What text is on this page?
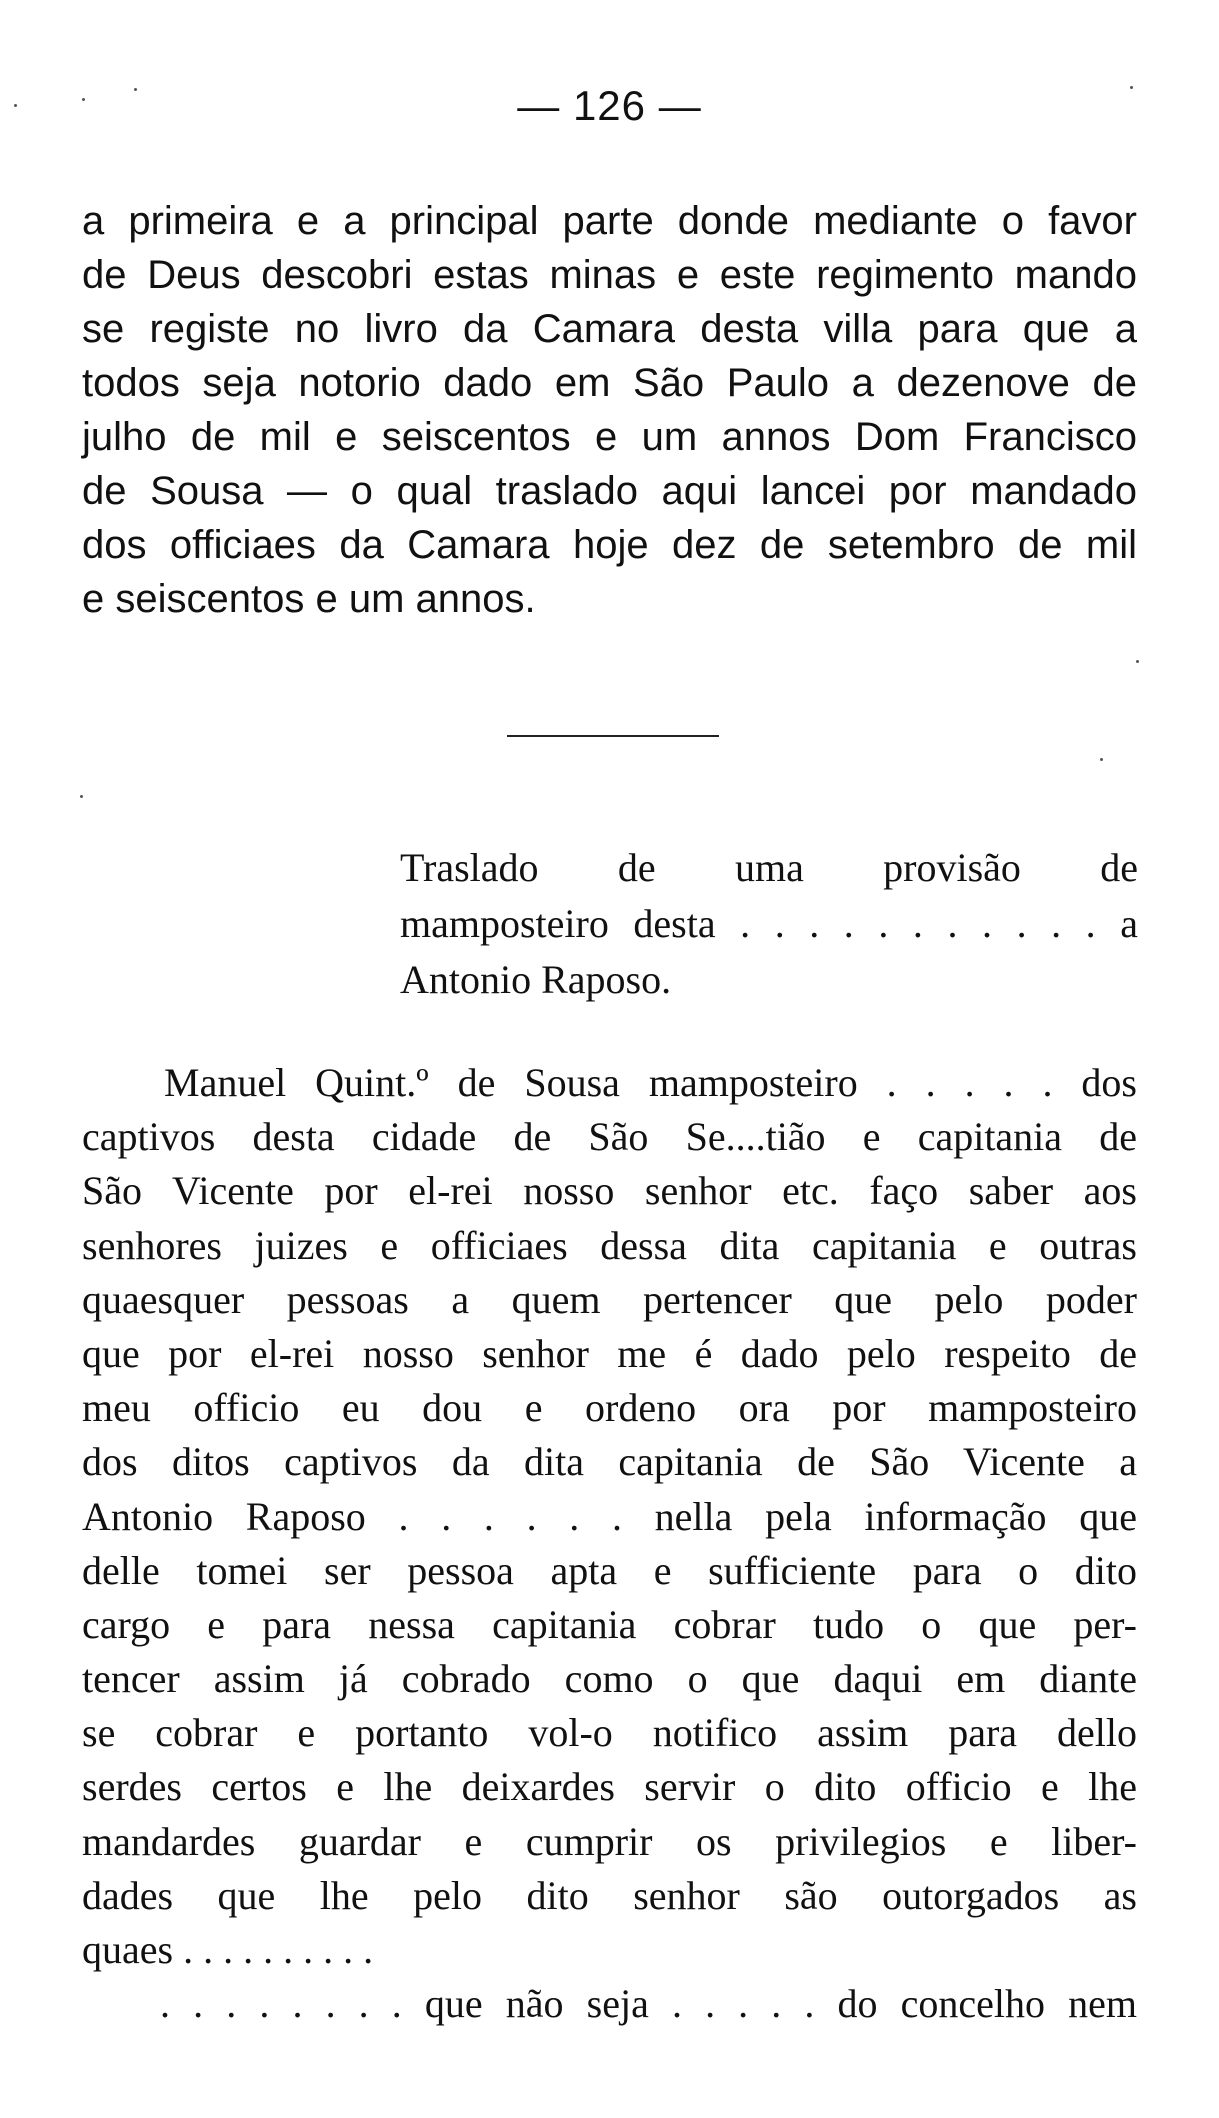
— 126 —
a primeira e a principal parte donde mediante o favor
de Deus descobri estas minas e este regimento mando
se registe no livro da Camara desta villa para que a
todos seja notorio dado em São Paulo a dezenove de
julho de mil e seiscentos e um annos Dom Francisco
de Sousa — o qual traslado aqui lancei por mandado
dos officiaes da Camara hoje dez de setembro de mil
e seiscentos e um annos.
Traslado de uma provisão de
mamposteiro desta . . . . . . . . . . . a
Antonio Raposo.
Manuel Quint.º de Sousa mamposteiro . . . . . dos
captivos desta cidade de São Se....tião e capitania de
São Vicente por el-rei nosso senhor etc. faço saber aos
senhores juizes e officiaes dessa dita capitania e outras
quaesquer pessoas a quem pertencer que pelo poder
que por el-rei nosso senhor me é dado pelo respeito de
meu officio eu dou e ordeno ora por mamposteiro
dos ditos captivos da dita capitania de São Vicente a
Antonio Raposo . . . . . . nella pela informação que
delle tomei ser pessoa apta e sufficiente para o dito
cargo e para nessa capitania cobrar tudo o que per-
tencer assim já cobrado como o que daqui em diante
se cobrar e portanto vol-o notifico assim para dello
serdes certos e lhe deixardes servir o dito officio e lhe
mandardes guardar e cumprir os privilegios e liber-
dades que lhe pelo dito senhor são outorgados as
quaes . . . . . . . . . .
. . . . . . . . que não seja . . . . . do concelho nem
